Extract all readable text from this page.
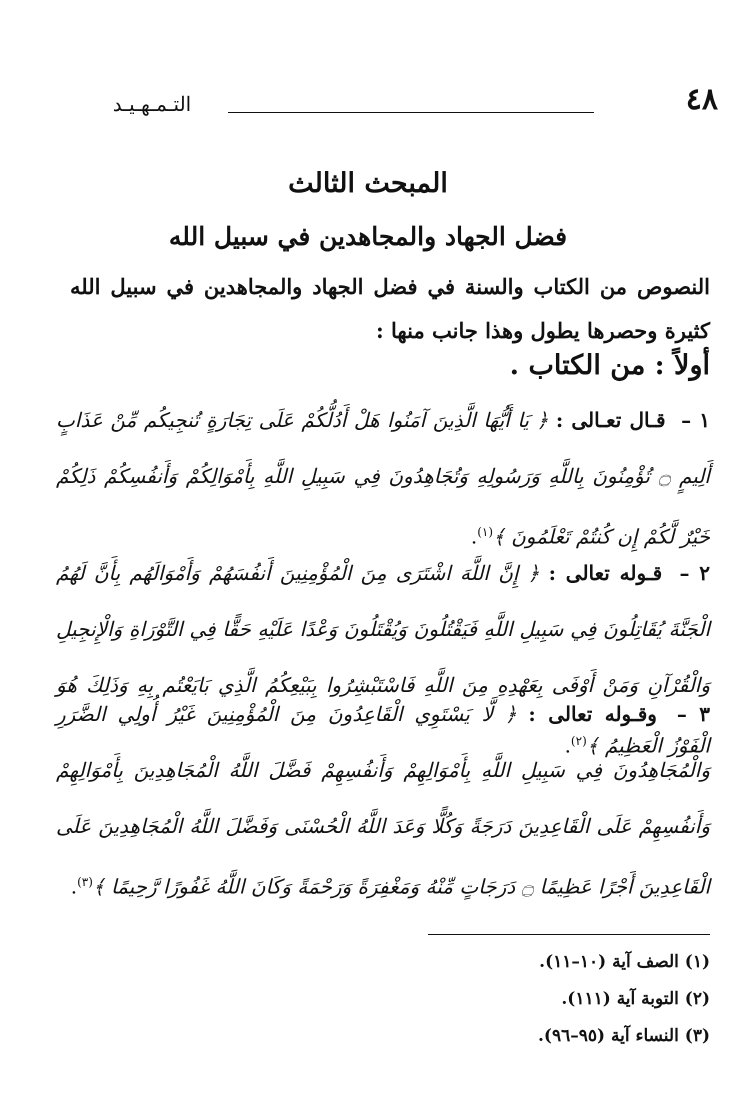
٤٨
التـمـهـيـد
المبحث الثالث
فضل الجهاد والمجاهدين في سبيل الله
النصوص من الكتاب والسنة في فضل الجهاد والمجاهدين في سبيل الله كثيرة وحصرها يطول وهذا جانب منها :
أولاً : من الكتاب .
١ – قـال تعـالى : ﴿ يَا أَيُّهَا الَّذِينَ آمَنُوا هَلْ أَدُلُّكُمْ عَلَى تِجَارَةٍ تُنجِيكُم مِّنْ عَذَابٍ أَلِيمٍ ۝ تُؤْمِنُونَ بِاللَّهِ وَرَسُولِهِ وَتُجَاهِدُونَ فِي سَبِيلِ اللَّهِ بِأَمْوَالِكُمْ وَأَنفُسِكُمْ ذَلِكُمْ خَيْرٌ لَّكُمْ إِن كُنتُمْ تَعْلَمُونَ ﴾$^{(١)}$.
٢ – قـوله تعالى : ﴿ إِنَّ اللَّهَ اشْتَرَى مِنَ الْمُؤْمِنِينَ أَنفُسَهُمْ وَأَمْوَالَهُم بِأَنَّ لَهُمُ الْجَنَّةَ يُقَاتِلُونَ فِي سَبِيلِ اللَّهِ فَيَقْتُلُونَ وَيُقْتَلُونَ وَعْدًا عَلَيْهِ حَقًّا فِي التَّوْرَاةِ وَالْإِنجِيلِ وَالْقُرْآنِ وَمَنْ أَوْفَى بِعَهْدِهِ مِنَ اللَّهِ فَاسْتَبْشِرُوا بِبَيْعِكُمُ الَّذِي بَايَعْتُم بِهِ وَذَلِكَ هُوَ الْفَوْزُ الْعَظِيمُ ﴾$^{(٢)}$.
٣ – وقـوله تعالى : ﴿ لَّا يَسْتَوِي الْقَاعِدُونَ مِنَ الْمُؤْمِنِينَ غَيْرُ أُولِي الضَّرَرِ وَالْمُجَاهِدُونَ فِي سَبِيلِ اللَّهِ بِأَمْوَالِهِمْ وَأَنفُسِهِمْ فَضَّلَ اللَّهُ الْمُجَاهِدِينَ بِأَمْوَالِهِمْ وَأَنفُسِهِمْ عَلَى الْقَاعِدِينَ دَرَجَةً وَكُلًّا وَعَدَ اللَّهُ الْحُسْنَى وَفَضَّلَ اللَّهُ الْمُجَاهِدِينَ عَلَى الْقَاعِدِينَ أَجْرًا عَظِيمًا ۝ دَرَجَاتٍ مِّنْهُ وَمَغْفِرَةً وَرَحْمَةً وَكَانَ اللَّهُ غَفُورًا رَّحِيمًا ﴾$^{(٣)}$.
(١) الصف آية (١٠–١١).
(٢) التوبة آية (١١١).
(٣) النساء آية (٩٥–٩٦).
